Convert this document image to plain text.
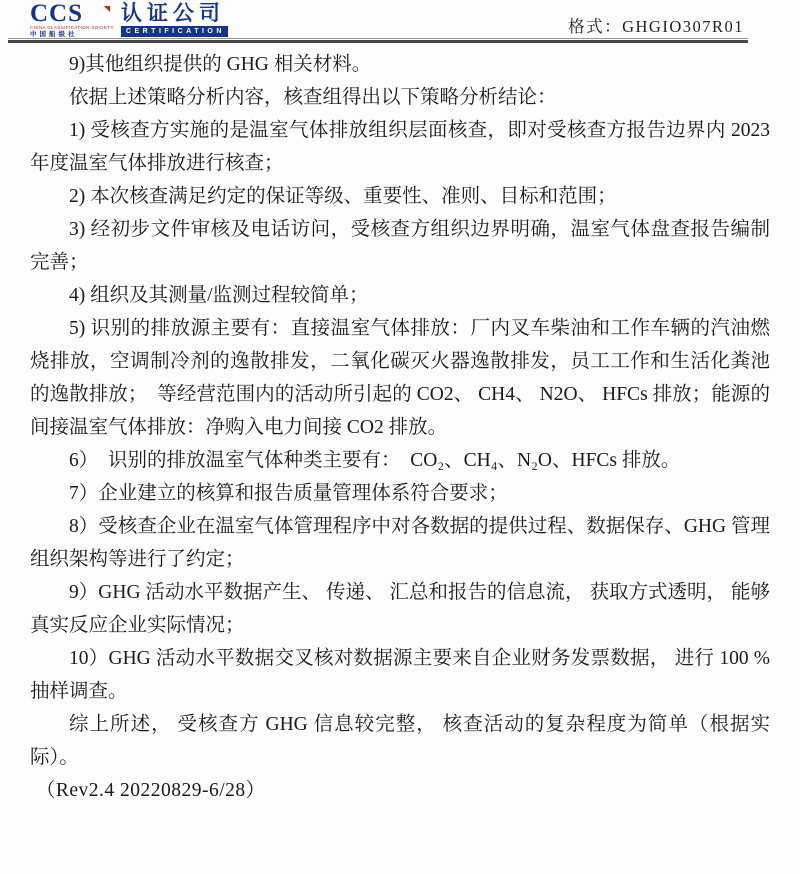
CCS
CHINA CLASSIFICATION SOCIETY
中国船级社
认证公司
CERTIFICATION	格式：GHGIO307R01

9)其他组织提供的 GHG 相关材料。

依据上述策略分析内容，核查组得出以下策略分析结论：

1) 受核查方实施的是温室气体排放组织层面核查，即对受核查方报告边界内 2023 年度温室气体排放进行核查；

2) 本次核查满足约定的保证等级、重要性、准则、目标和范围；

3) 经初步文件审核及电话访问，受核查方组织边界明确，温室气体盘查报告编制完善；

4) 组织及其测量/监测过程较简单；

5) 识别的排放源主要有：直接温室气体排放：厂内叉车柴油和工作车辆的汽油燃烧排放，空调制冷剂的逸散排发，二氧化碳灭火器逸散排发，员工工作和生活化粪池的逸散排放；　等经营范围内的活动所引起的 CO2、 CH4、 N2O、 HFCs 排放；能源的间接温室气体排放：净购入电力间接 CO2 排放。

6）　识别的排放温室气体种类主要有：　CO₂、CH₄、N₂O、HFCs 排放。

7）企业建立的核算和报告质量管理体系符合要求；

8）受核查企业在温室气体管理程序中对各数据的提供过程、数据保存、GHG 管理组织架构等进行了约定；

9）GHG 活动水平数据产生、 传递、 汇总和报告的信息流， 获取方式透明， 能够真实反应企业实际情况；

10）GHG 活动水平数据交叉核对数据源主要来自企业财务发票数据， 进行 100 %抽样调查。

综上所述， 受核查方 GHG 信息较完整， 核查活动的复杂程度为简单（根据实际）。

（Rev2.4 20220829-6/28）
